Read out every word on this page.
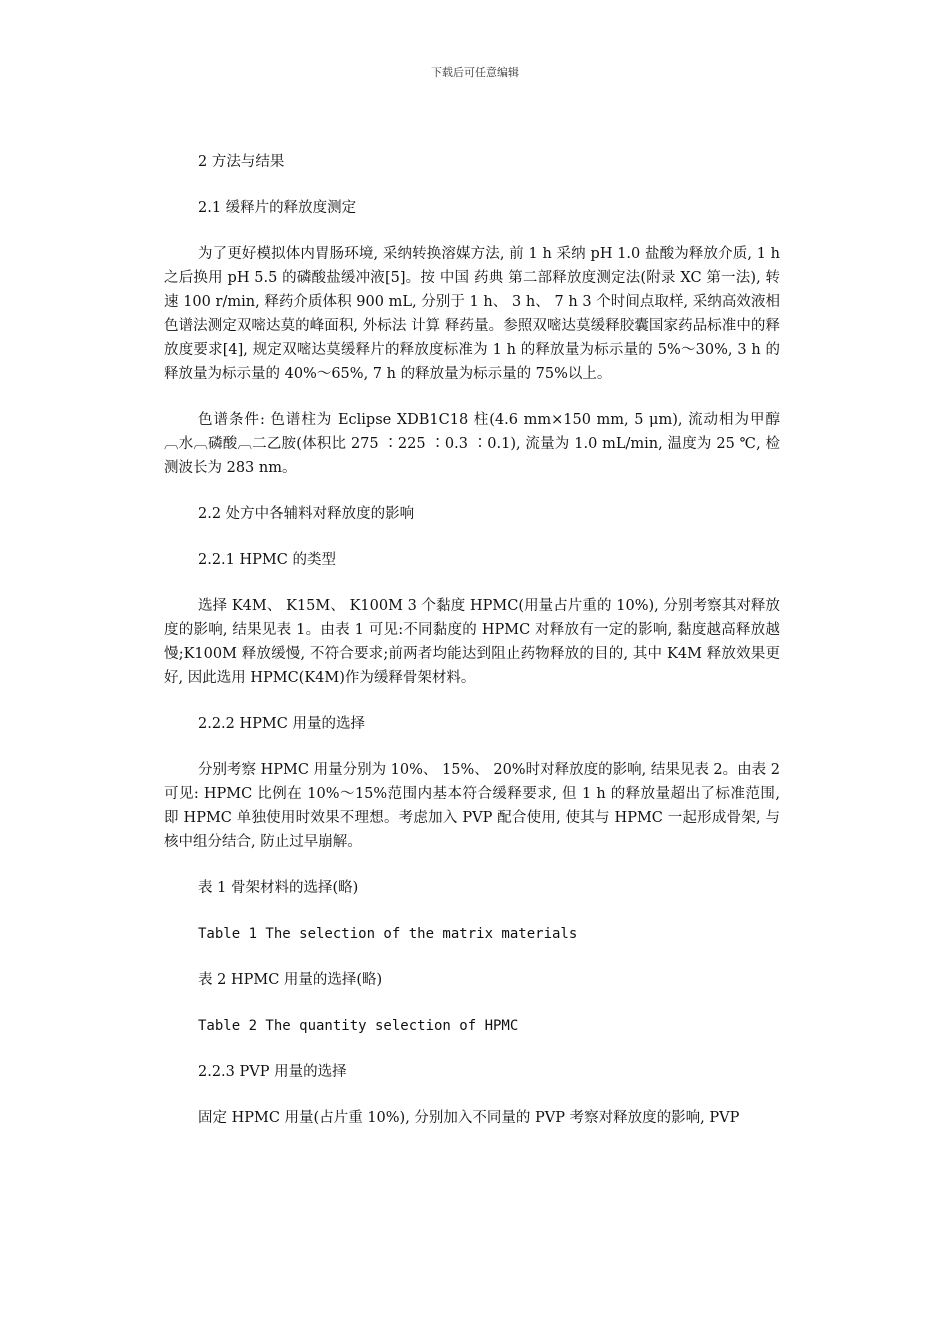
下载后可任意编辑
2 方法与结果
2.1 缓释片的释放度测定
为了更好模拟体内胃肠环境, 采纳转换溶媒方法, 前 1 h 采纳 pH 1.0 盐酸为释放介质, 1 h 之后换用 pH 5.5 的磷酸盐缓冲液[5]。按 中国 药典 第二部释放度测定法(附录 XC 第一法), 转速 100 r/min, 释药介质体积 900 mL, 分别于 1 h、 3 h、 7 h 3 个时间点取样, 采纳高效液相色谱法测定双嘧达莫的峰面积, 外标法 计算 释药量。参照双嘧达莫缓释胶囊国家药品标准中的释放度要求[4], 规定双嘧达莫缓释片的释放度标准为 1 h 的释放量为标示量的 5%～30%, 3 h 的释放量为标示量的 40%～65%, 7 h 的释放量为标示量的 75%以上。
色谱条件: 色谱柱为 Eclipse XDB1C18 柱(4.6 mm×150 mm, 5 μm), 流动相为甲醇︹水︹磷酸︹二乙胺(体积比 275 ∶225 ∶0.3 ∶0.1), 流量为 1.0 mL/min, 温度为 25 ℃, 检测波长为 283 nm。
2.2 处方中各辅料对释放度的影响
2.2.1 HPMC 的类型
选择 K4M、 K15M、 K100M 3 个黏度 HPMC(用量占片重的 10%), 分别考察其对释放度的影响, 结果见表 1。由表 1 可见:不同黏度的 HPMC 对释放有一定的影响, 黏度越高释放越慢;K100M 释放缓慢, 不符合要求;前两者均能达到阻止药物释放的目的, 其中 K4M 释放效果更好, 因此选用 HPMC(K4M)作为缓释骨架材料。
2.2.2 HPMC 用量的选择
分别考察 HPMC 用量分别为 10%、 15%、 20%时对释放度的影响, 结果见表 2。由表 2 可见: HPMC 比例在 10%～15%范围内基本符合缓释要求, 但 1 h 的释放量超出了标准范围, 即 HPMC 单独使用时效果不理想。考虑加入 PVP 配合使用, 使其与 HPMC 一起形成骨架, 与核中组分结合, 防止过早崩解。
表 1 骨架材料的选择(略)
Table 1 The selection of the matrix materials
表 2 HPMC 用量的选择(略)
Table 2 The quantity selection of HPMC
2.2.3 PVP 用量的选择
固定 HPMC 用量(占片重 10%), 分别加入不同量的 PVP 考察对释放度的影响, PVP
